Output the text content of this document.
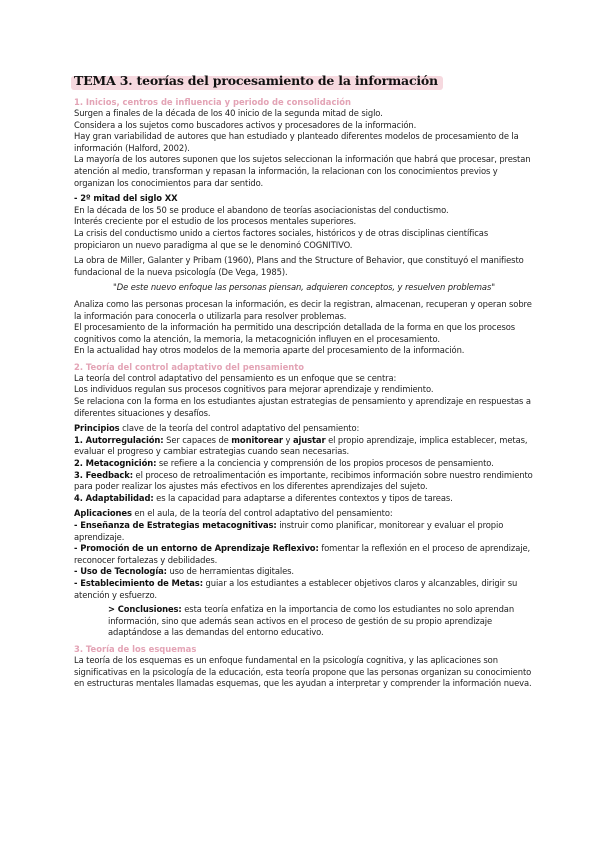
TEMA 3. teorías del procesamiento de la información
1. Inicios, centros de influencia y periodo de consolidación

Surgen a finales de la década de los 40 inicio de la segunda mitad de siglo.

Considera a los sujetos como buscadores activos y procesadores de la información.

Hay gran variabilidad de autores que han estudiado y planteado diferentes modelos de procesamiento de la información (Halford, 2002).

La mayoría de los autores suponen que los sujetos seleccionan la información que habrá que procesar, prestan atención al medio, transforman y repasan la información, la relacionan con los conocimientos previos y organizan los conocimientos para dar sentido.

- 2º mitad del siglo XX

En la década de los 50 se produce el abandono de teorías asociacionistas del conductismo.

Interés creciente por el estudio de los procesos mentales superiores.

La crisis del conductismo unido a ciertos factores sociales, históricos y de otras disciplinas científicas propiciaron un nuevo paradigma al que se le denominó COGNITIVO.

La obra de Miller, Galanter y Pribam (1960), Plans and the Structure of Behavior, que constituyó el manifiesto fundacional de la nueva psicología (De Vega, 1985).

"De este nuevo enfoque las personas piensan, adquieren conceptos, y resuelven problemas"

Analiza como las personas procesan la información, es decir la registran, almacenan, recuperan y operan sobre la información para conocerla o utilizarla para resolver problemas.

El procesamiento de la información ha permitido una descripción detallada de la forma en que los procesos cognitivos como la atención, la memoria, la metacognición influyen en el procesamiento.

En la actualidad hay otros modelos de la memoria aparte del procesamiento de la información.

2. Teoría del control adaptativo del pensamiento

La teoría del control adaptativo del pensamiento es un enfoque que se centra:

Los individuos regulan sus procesos cognitivos para mejorar aprendizaje y rendimiento.

Se relaciona con la forma en los estudiantes ajustan estrategias de pensamiento y aprendizaje en respuestas a diferentes situaciones y desafíos.

Principios clave de la teoría del control adaptativo del pensamiento:

1. Autorregulación: Ser capaces de monitorear y ajustar el propio aprendizaje, implica establecer, metas, evaluar el progreso y cambiar estrategias cuando sean necesarias.

2. Metacognición: se refiere a la conciencia y comprensión de los propios procesos de pensamiento.

3. Feedback: el proceso de retroalimentación es importante, recibimos información sobre nuestro rendimiento para poder realizar los ajustes más efectivos en los diferentes aprendizajes del sujeto.

4. Adaptabilidad: es la capacidad para adaptarse a diferentes contextos y tipos de tareas.

Aplicaciones en el aula, de la teoría del control adaptativo del pensamiento:

- Enseñanza de Estrategias metacognitivas: instruir como planificar, monitorear y evaluar el propio aprendizaje.

- Promoción de un entorno de Aprendizaje Reflexivo: fomentar la reflexión en el proceso de aprendizaje, reconocer fortalezas y debilidades.

- Uso de Tecnología: uso de herramientas digitales.

- Establecimiento de Metas: guiar a los estudiantes a establecer objetivos claros y alcanzables, dirigir su atención y esfuerzo.

> Conclusiones: esta teoría enfatiza en la importancia de como los estudiantes no solo aprendan información, sino que además sean activos en el proceso de gestión de su propio aprendizaje adaptándose a las demandas del entorno educativo.

3. Teoría de los esquemas

La teoría de los esquemas es un enfoque fundamental en la psicología cognitiva, y las aplicaciones son significativas en la psicología de la educación, esta teoría propone que las personas organizan su conocimiento en estructuras mentales llamadas esquemas, que les ayudan a interpretar y comprender la información nueva.
